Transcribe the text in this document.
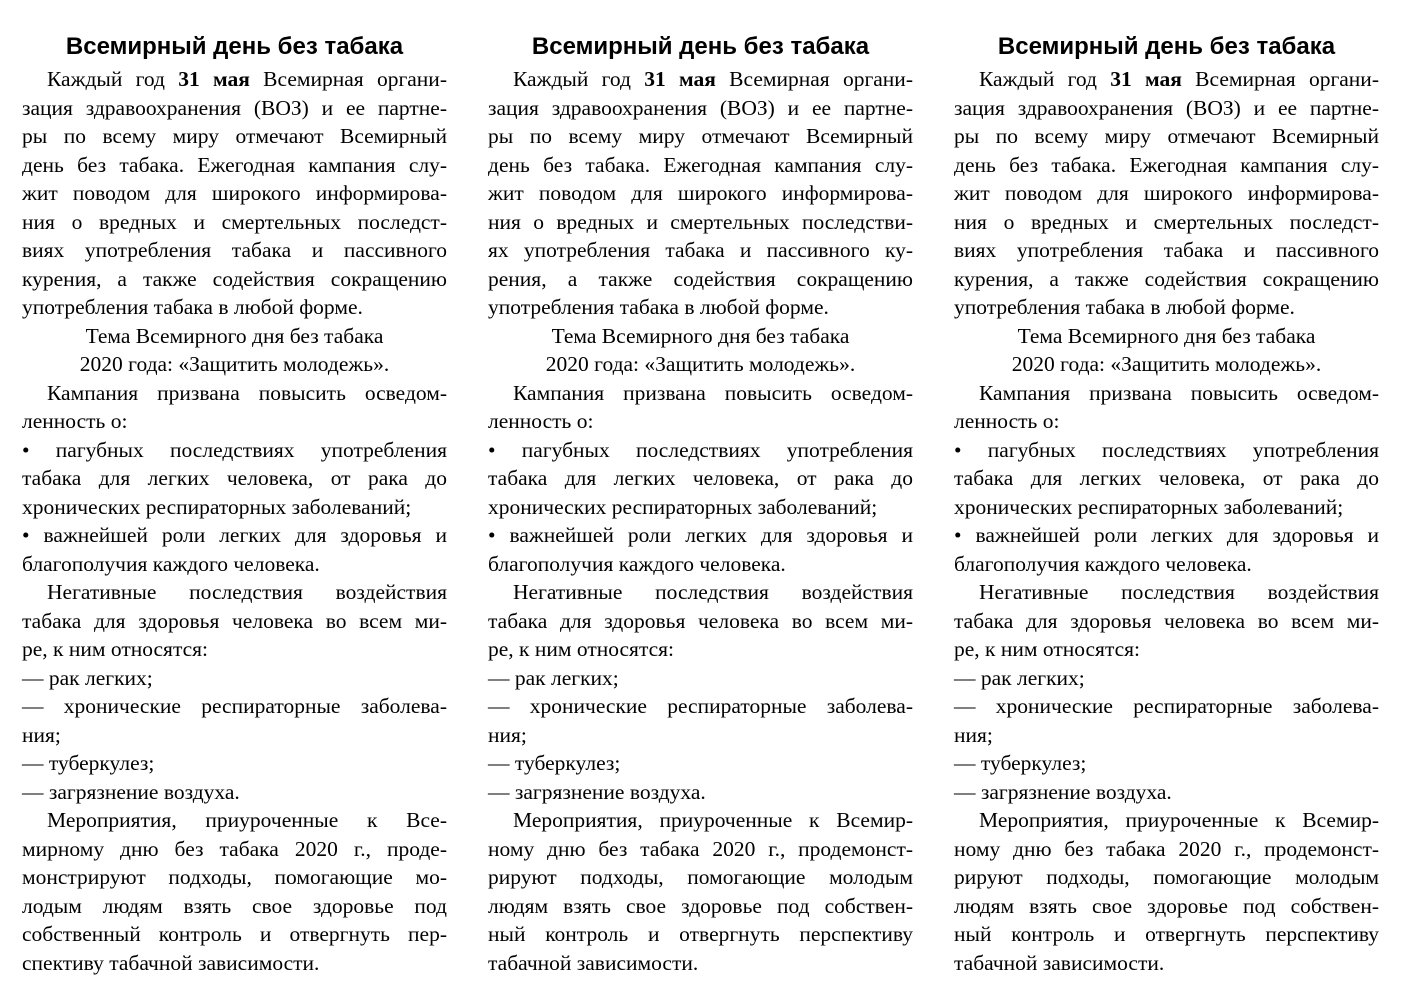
Всемирный день без табака
Каждый год 31 мая Всемирная органи-
зация здравоохранения (ВОЗ) и ее партне-
ры по всему миру отмечают Всемирный
день без табака. Ежегодная кампания слу-
жит поводом для широкого информирова-
ния о вредных и смертельных последст-
виях употребления табака и пассивного
курения, а также содействия сокращению
употребления табака в любой форме.
Тема Всемирного дня без табака
2020 года: «Защитить молодежь».
Кампания призвана повысить осведом-
ленность о:
• пагубных последствиях употребления
табака для легких человека, от рака до
хронических респираторных заболеваний;
• важнейшей роли легких для здоровья и
благополучия каждого человека.
Негативные последствия воздействия
табака для здоровья человека во всем ми-
ре, к ним относятся:
— рак легких;
— хронические респираторные заболева-
ния;
— туберкулез;
— загрязнение воздуха.
Мероприятия, приуроченные к Все-
мирному дню без табака 2020 г., проде-
монстрируют подходы, помогающие мо-
лодым людям взять свое здоровье под
собственный контроль и отвергнуть пер-
спективу табачной зависимости.
Всемирный день без табака
Каждый год 31 мая Всемирная органи-
зация здравоохранения (ВОЗ) и ее партне-
ры по всему миру отмечают Всемирный
день без табака. Ежегодная кампания слу-
жит поводом для широкого информирова-
ния о вредных и смертельных последстви-
ях употребления табака и пассивного ку-
рения, а также содействия сокращению
употребления табака в любой форме.
Тема Всемирного дня без табака
2020 года: «Защитить молодежь».
Кампания призвана повысить осведом-
ленность о:
• пагубных последствиях употребления
табака для легких человека, от рака до
хронических респираторных заболеваний;
• важнейшей роли легких для здоровья и
благополучия каждого человека.
Негативные последствия воздействия
табака для здоровья человека во всем ми-
ре, к ним относятся:
— рак легких;
— хронические респираторные заболева-
ния;
— туберкулез;
— загрязнение воздуха.
Мероприятия, приуроченные к Всемир-
ному дню без табака 2020 г., продемонст-
рируют подходы, помогающие молодым
людям взять свое здоровье под собствен-
ный контроль и отвергнуть перспективу
табачной зависимости.
Всемирный день без табака
Каждый год 31 мая Всемирная органи-
зация здравоохранения (ВОЗ) и ее партне-
ры по всему миру отмечают Всемирный
день без табака. Ежегодная кампания слу-
жит поводом для широкого информирова-
ния о вредных и смертельных последст-
виях употребления табака и пассивного
курения, а также содействия сокращению
употребления табака в любой форме.
Тема Всемирного дня без табака
2020 года: «Защитить молодежь».
Кампания призвана повысить осведом-
ленность о:
• пагубных последствиях употребления
табака для легких человека, от рака до
хронических респираторных заболеваний;
• важнейшей роли легких для здоровья и
благополучия каждого человека.
Негативные последствия воздействия
табака для здоровья человека во всем ми-
ре, к ним относятся:
— рак легких;
— хронические респираторные заболева-
ния;
— туберкулез;
— загрязнение воздуха.
Мероприятия, приуроченные к Всемир-
ному дню без табака 2020 г., продемонст-
рируют подходы, помогающие молодым
людям взять свое здоровье под собствен-
ный контроль и отвергнуть перспективу
табачной зависимости.
